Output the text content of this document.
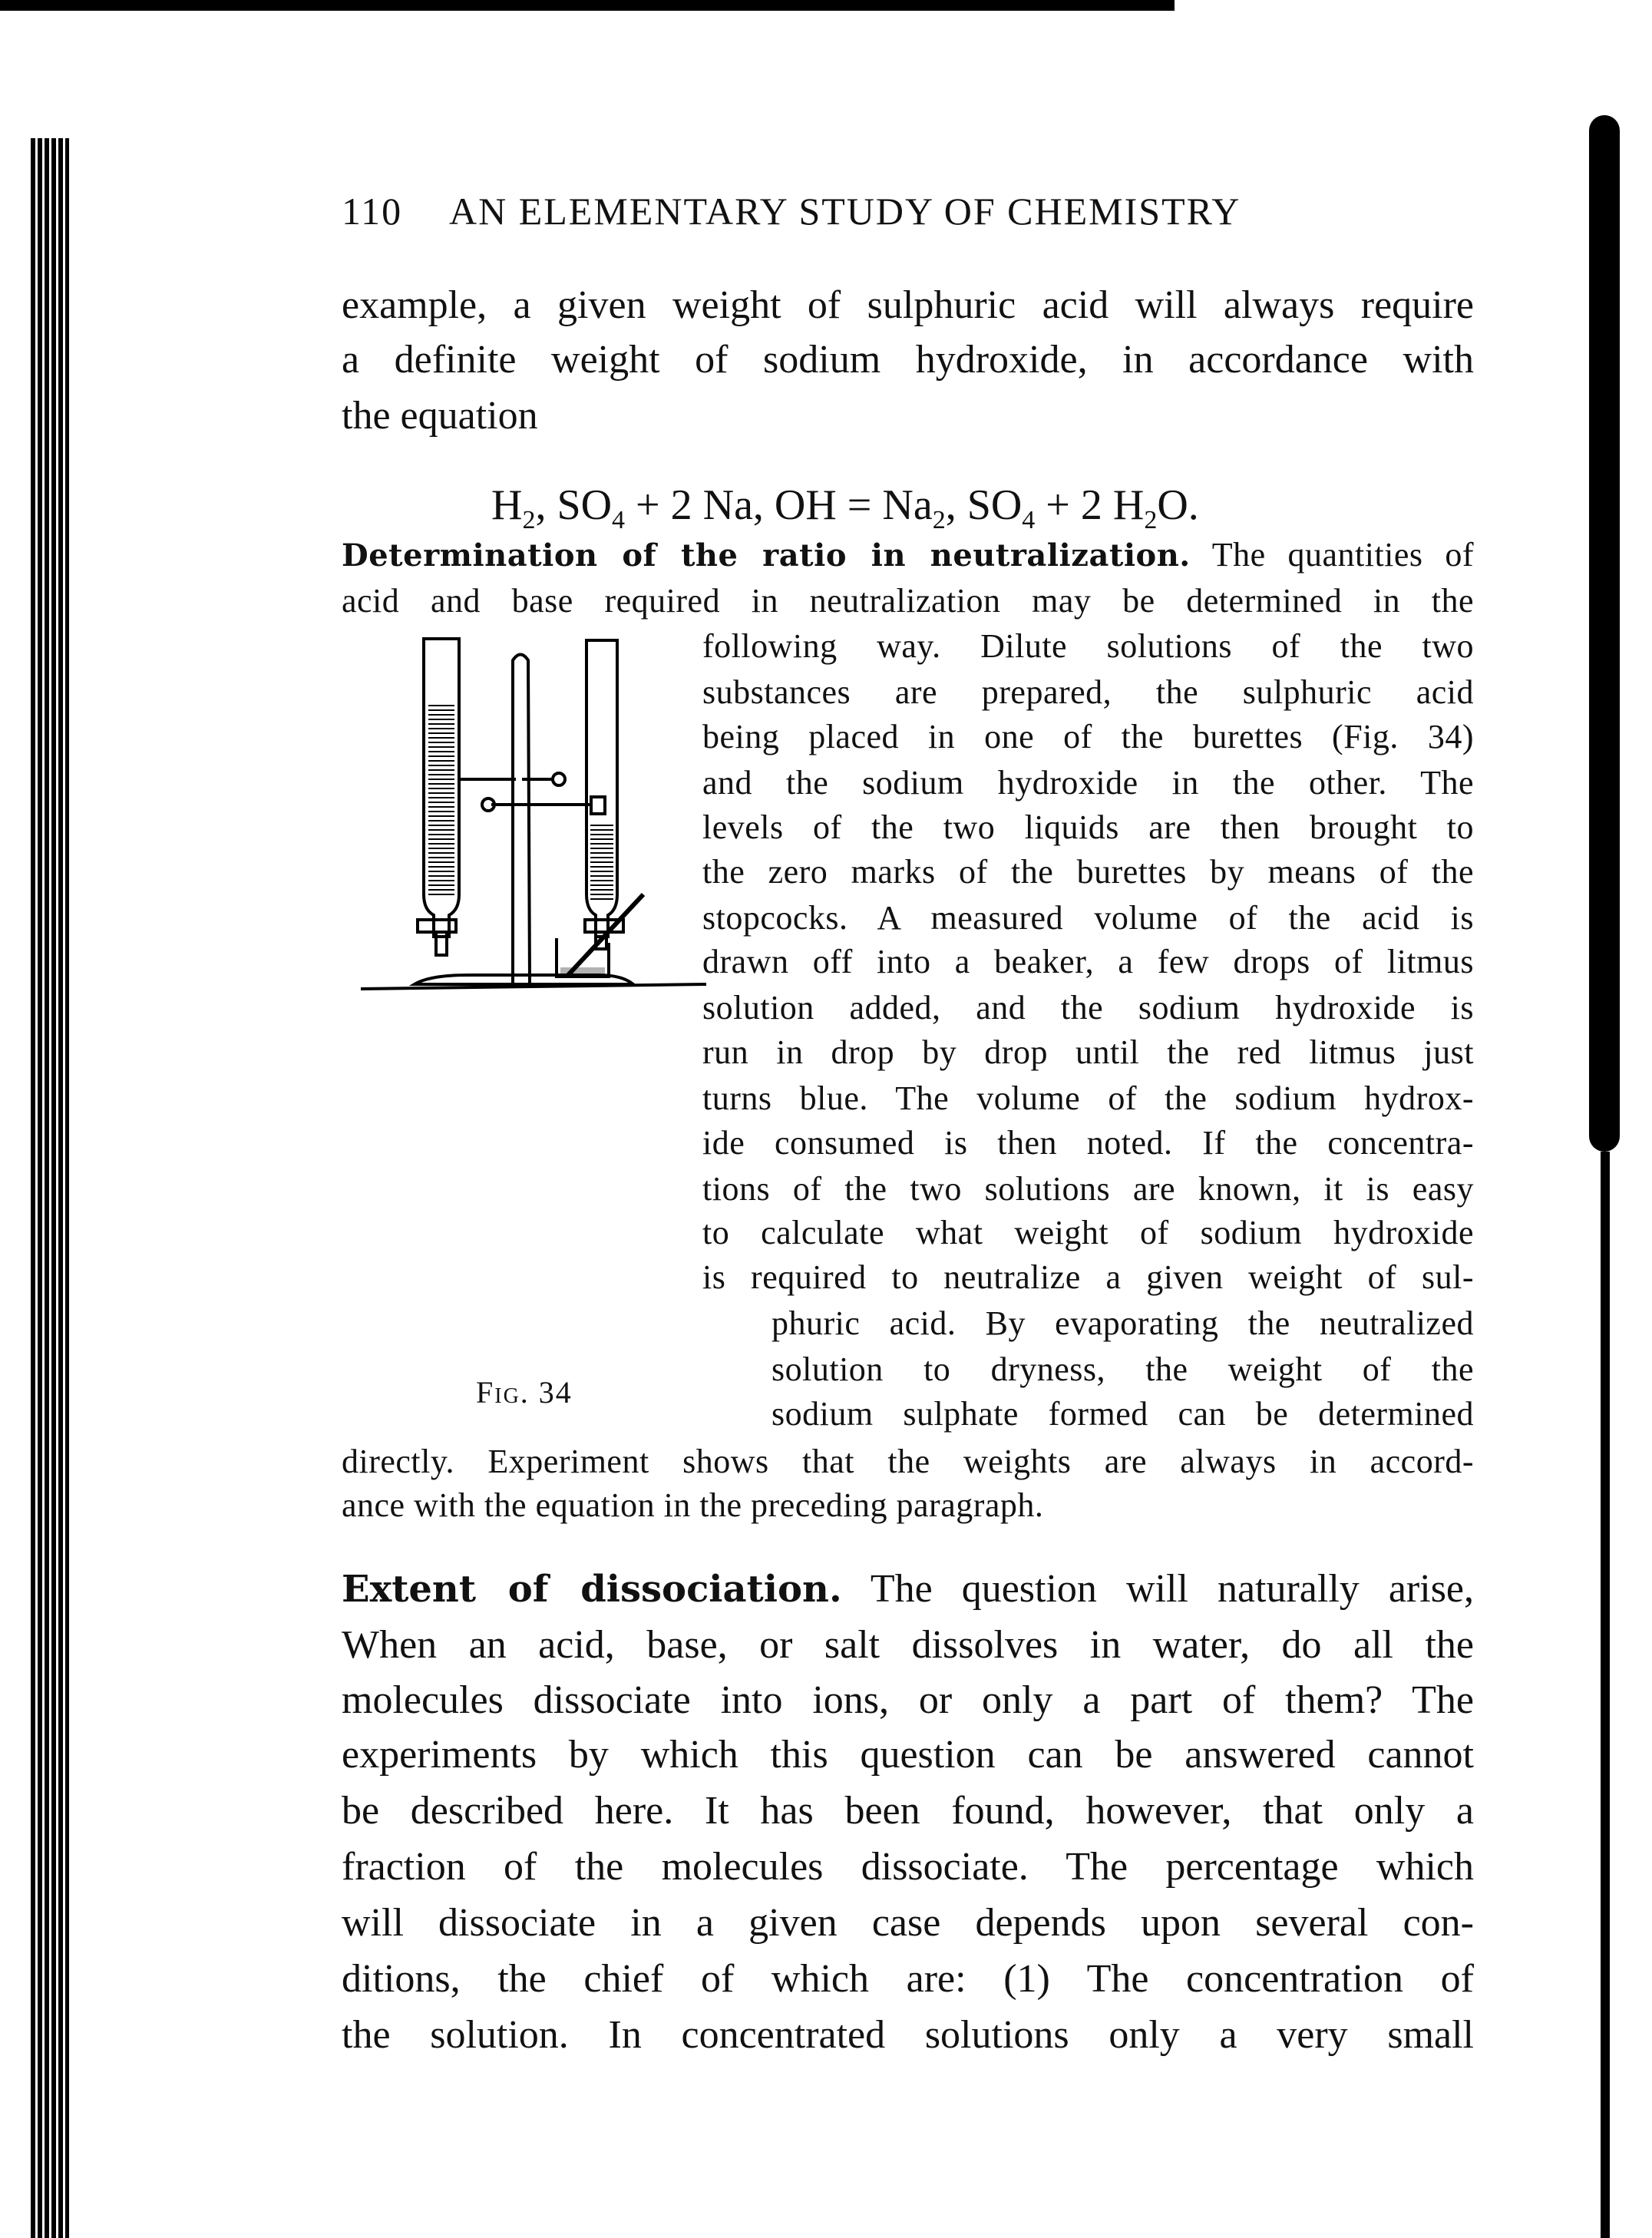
110 AN ELEMENTARY STUDY OF CHEMISTRY
example, a given weight of sulphuric acid will always require
a definite weight of sodium hydroxide, in accordance with
the equation
$H_2$, $SO_4 + 2$ Na, OH = $Na_2$, $SO_4 + 2$ $H_2O$.
Determination of the ratio in neutralization. The quantities of
acid and base required in neutralization may be determined in the
following way. Dilute solutions of the two
substances are prepared, the sulphuric acid
being placed in one of the burettes (Fig. 34)
and the sodium hydroxide in the other. The
levels of the two liquids are then brought to
the zero marks of the burettes by means of the
stopcocks. A measured volume of the acid is
drawn off into a beaker, a few drops of litmus
solution added, and the sodium hydroxide is
run in drop by drop until the red litmus just
turns blue. The volume of the sodium hydrox-
ide consumed is then noted. If the concentra-
tions of the two solutions are known, it is easy
to calculate what weight of sodium hydroxide
is required to neutralize a given weight of sul-
phuric acid. By evaporating the neutralized
solution to dryness, the weight of the
sodium sulphate formed can be determined
directly. Experiment shows that the weights are always in accord-
ance with the equation in the preceding paragraph.
Fig. 34
Extent of dissociation. The question will naturally arise,
When an acid, base, or salt dissolves in water, do all the
molecules dissociate into ions, or only a part of them? The
experiments by which this question can be answered cannot
be described here. It has been found, however, that only a
fraction of the molecules dissociate. The percentage which
will dissociate in a given case depends upon several con-
ditions, the chief of which are: (1) The concentration of
the solution. In concentrated solutions only a very small
